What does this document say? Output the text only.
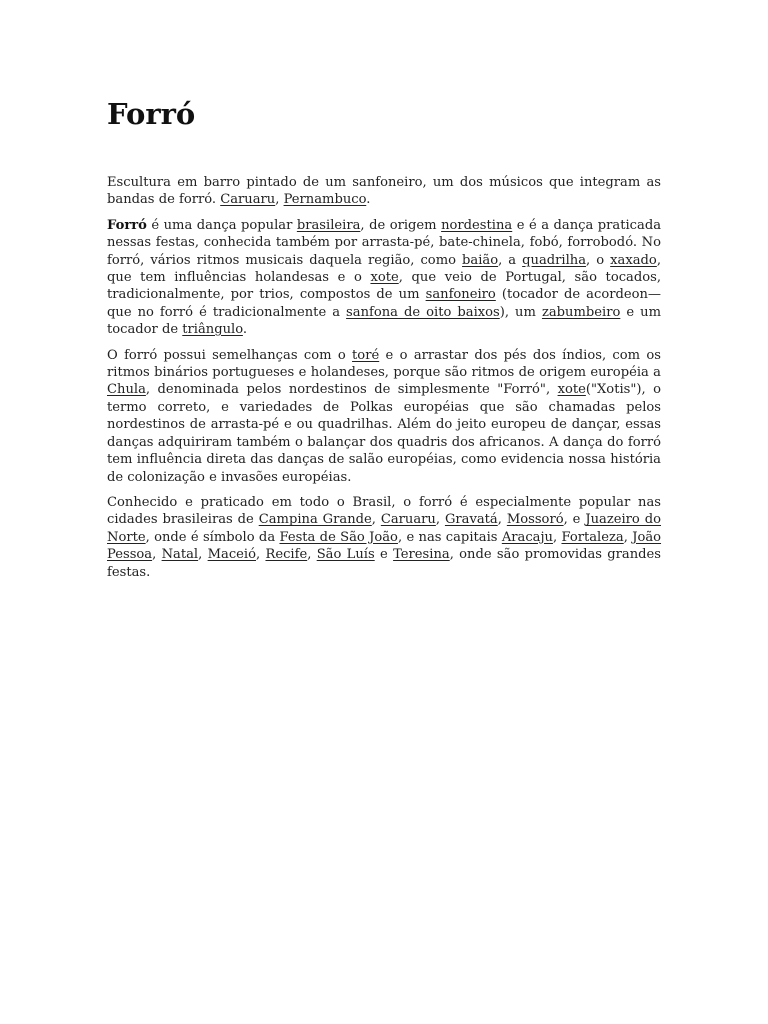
Forró

Escultura em barro pintado de um sanfoneiro, um dos músicos que integram as bandas de forró. Caruaru, Pernambuco.

Forró é uma dança popular brasileira, de origem nordestina e é a dança praticada nessas festas, conhecida também por arrasta-pé, bate-chinela, fobó, forrobodó. No forró, vários ritmos musicais daquela região, como baião, a quadrilha, o xaxado, que tem influências holandesas e o xote, que veio de Portugal, são tocados, tradicionalmente, por trios, compostos de um sanfoneiro (tocador de acordeon—que no forró é tradicionalmente a sanfona de oito baixos), um zabumbeiro e um tocador de triângulo.

O forró possui semelhanças com o toré e o arrastar dos pés dos índios, com os ritmos binários portugueses e holandeses, porque são ritmos de origem européia a Chula, denominada pelos nordestinos de simplesmente "Forró", xote("Xotis"), o termo correto, e variedades de Polkas européias que são chamadas pelos nordestinos de arrasta-pé e ou quadrilhas. Além do jeito europeu de dançar, essas danças adquiriram também o balançar dos quadris dos africanos. A dança do forró tem influência direta das danças de salão européias, como evidencia nossa história de colonização e invasões européias.

Conhecido e praticado em todo o Brasil, o forró é especialmente popular nas cidades brasileiras de Campina Grande, Caruaru, Gravatá, Mossoró, e Juazeiro do Norte, onde é símbolo da Festa de São João, e nas capitais Aracaju, Fortaleza, João Pessoa, Natal, Maceió, Recife, São Luís e Teresina, onde são promovidas grandes festas.
